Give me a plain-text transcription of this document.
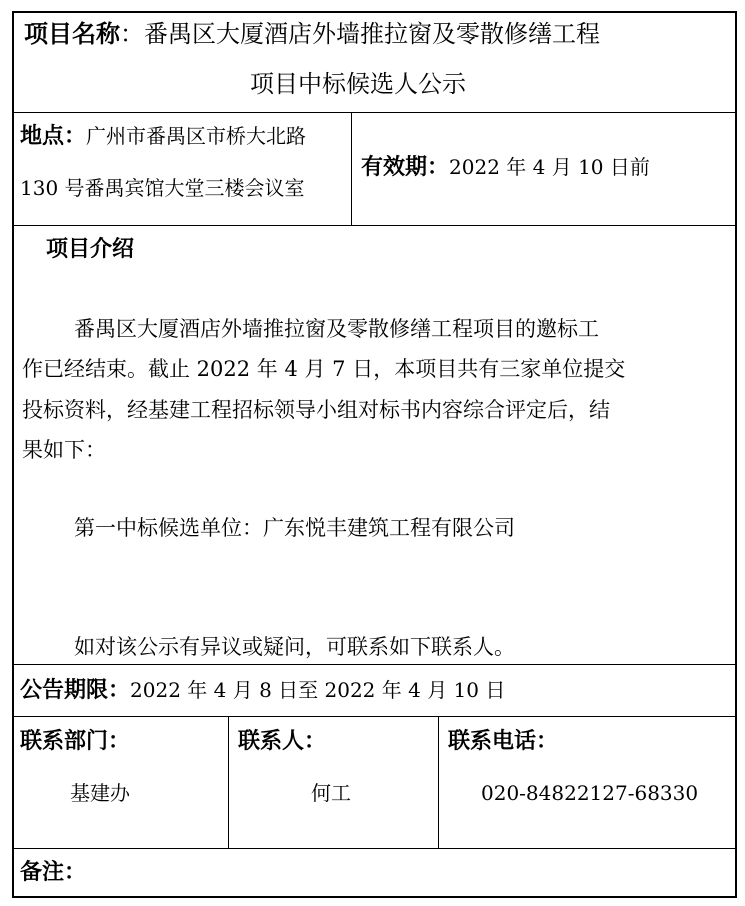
项目名称：番禺区大厦酒店外墙推拉窗及零散修缮工程
项目中标候选人公示
地点：广州市番禺区市桥大北路
130 号番禺宾馆大堂三楼会议室
有效期：2022 年 4 月 10 日前
项目介绍
番禺区大厦酒店外墙推拉窗及零散修缮工程项目的邀标工
作已经结束。截止 2022 年 4 月 7 日，本项目共有三家单位提交
投标资料，经基建工程招标领导小组对标书内容综合评定后，结
果如下：
第一中标候选单位：广东悦丰建筑工程有限公司
如对该公示有异议或疑问，可联系如下联系人。
公告期限：2022 年 4 月 8 日至 2022 年 4 月 10 日
联系部门：
基建办
联系人：
何工
联系电话：
020-84822127-68330
备注：
